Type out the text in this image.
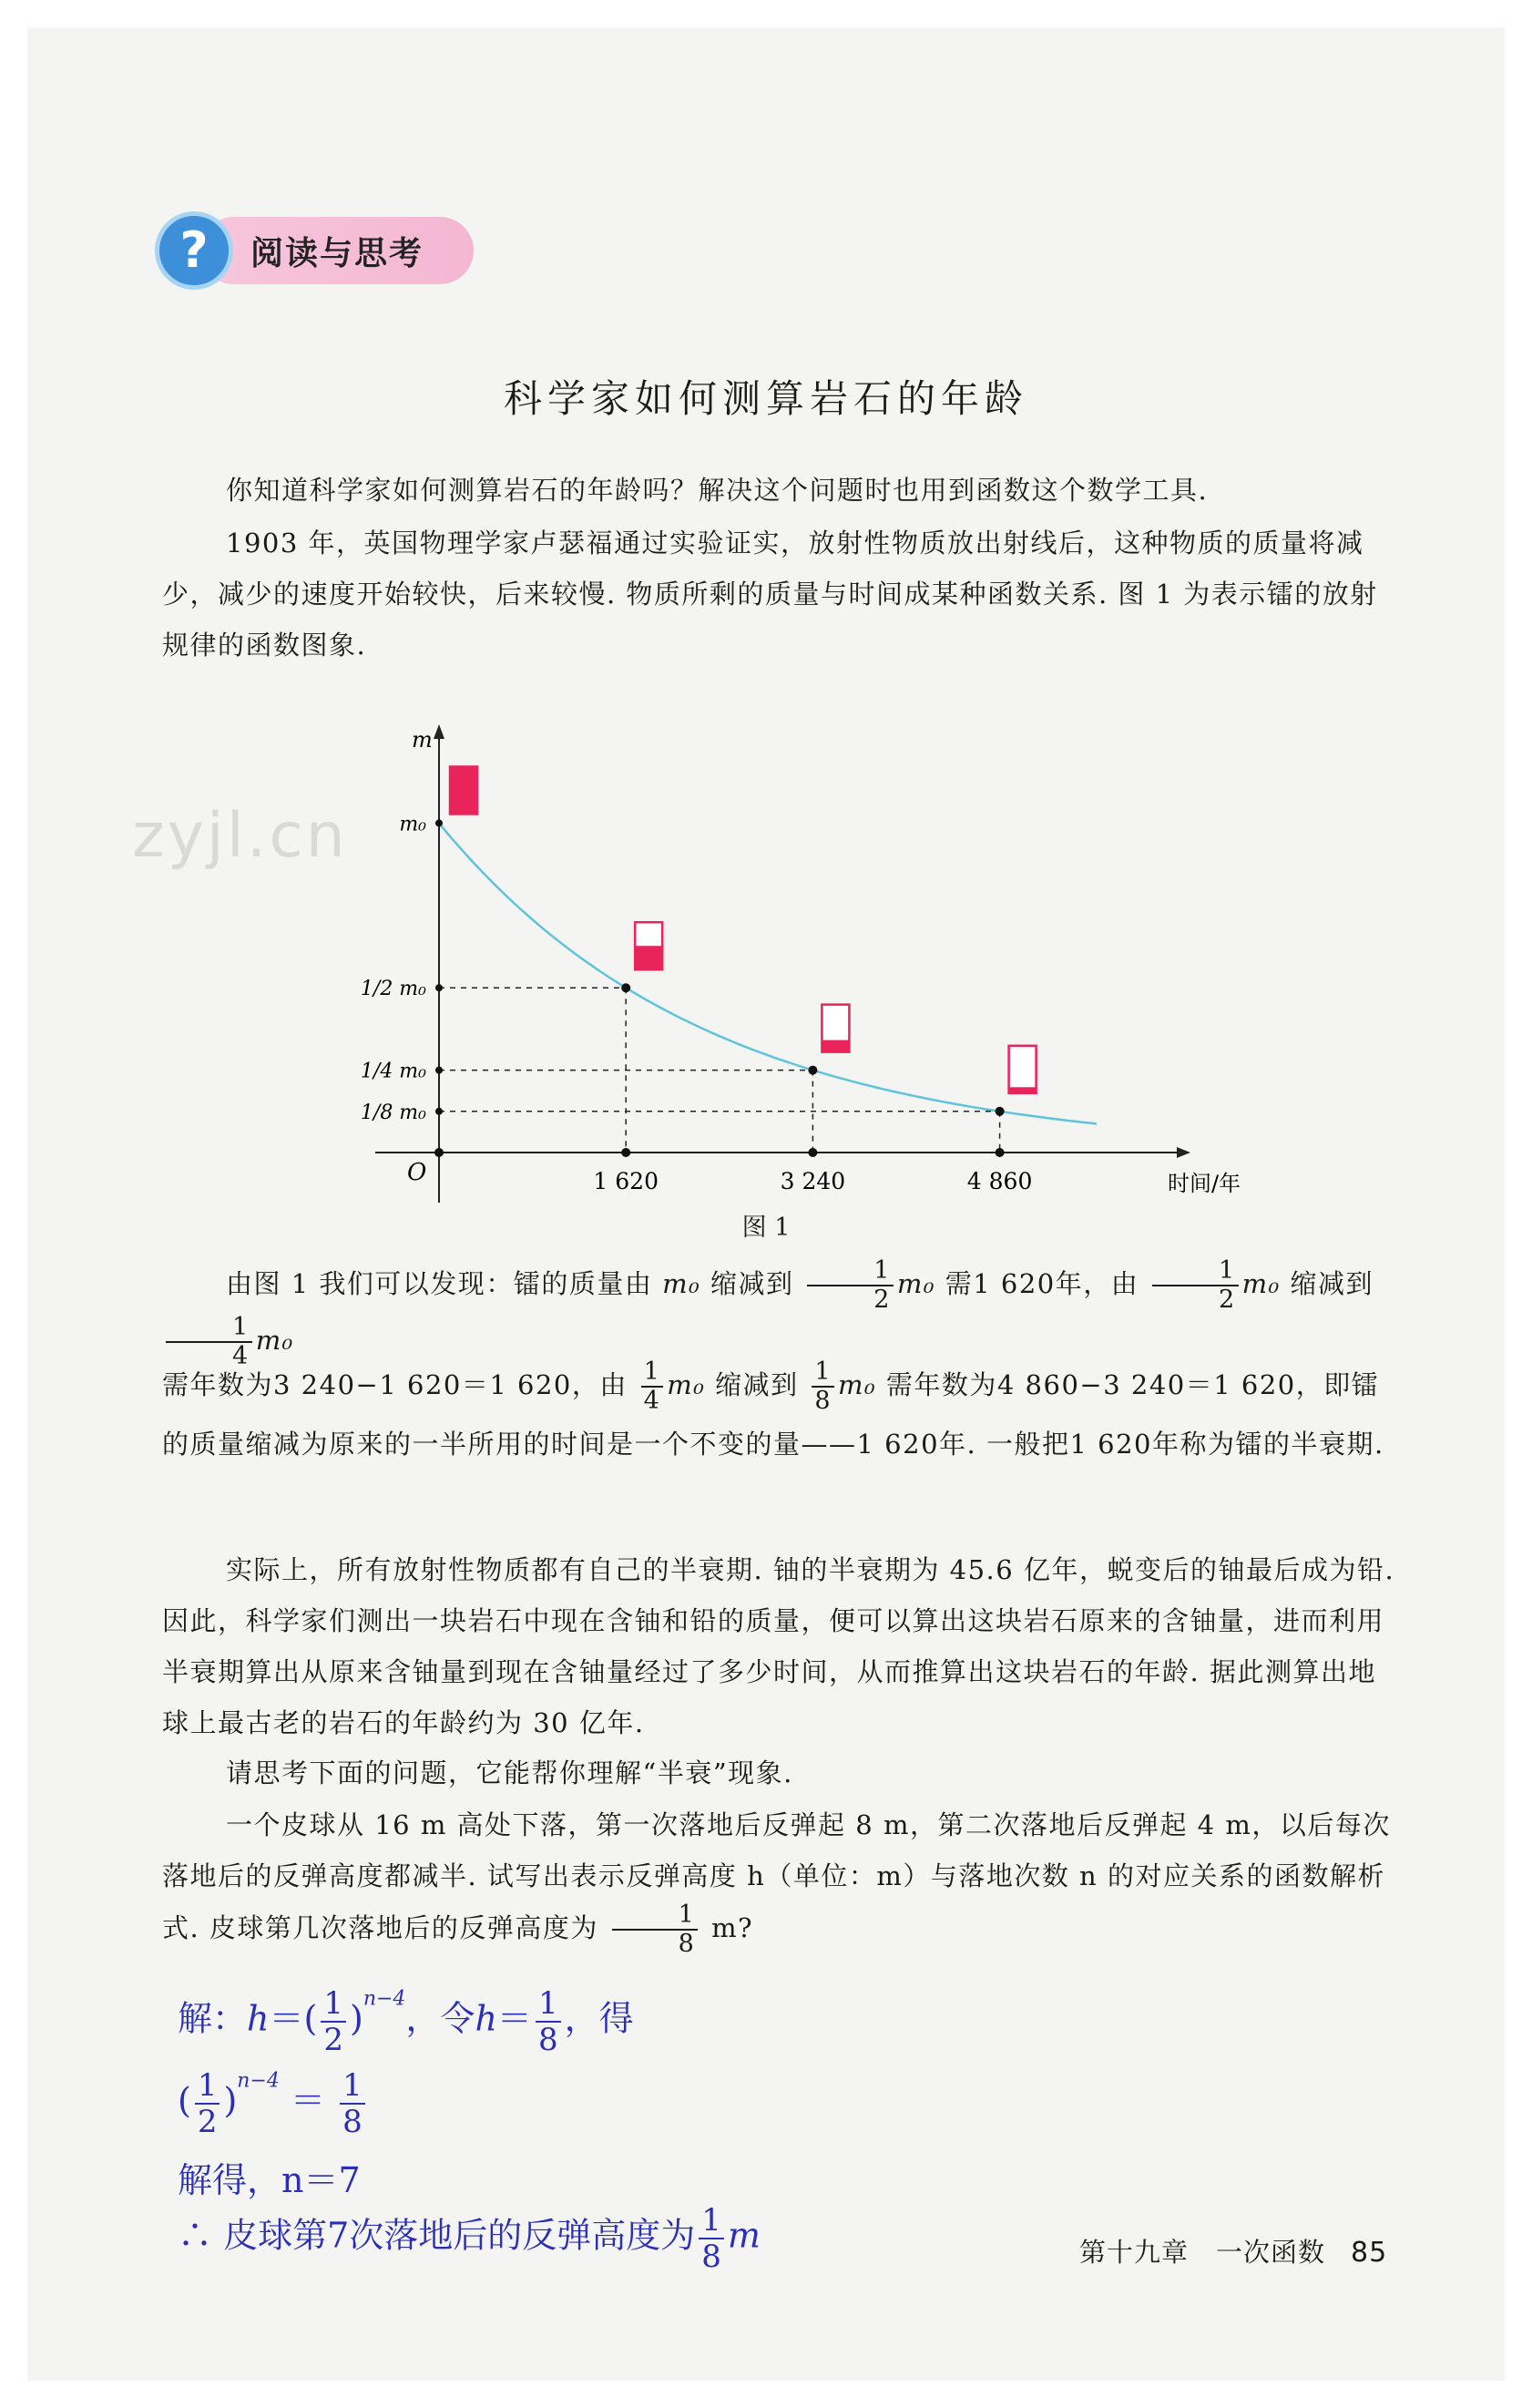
?	阅读与思考
科学家如何测算岩石的年龄

你知道科学家如何测算岩石的年龄吗？解决这个问题时也用到函数这个数学工具.

1903 年，英国物理学家卢瑟福通过实验证实，放射性物质放出射线后，这种物质的质量将减少，减少的速度开始较快，后来较慢. 物质所剩的质量与时间成某种函数关系. 图 1 为表示镭的放射规律的函数图象.

zyjl.cn
m
时间/年
O
m₀
1 620
1/2 m₀
3 240
1/4 m₀
4 860
1/8 m₀
图 1
由图 1 我们可以发现：镭的质量由 m₀ 缩减到 $\frac{1}{2} m_0$ 需1 620年，由 $\frac{1}{2} m_0$ 缩减到
$\frac{1}{4} m_0$
需年数为3 240−1 620＝1 620，由 $\frac{1}{4} m_0$ 缩减到 $\frac{1}{8} m_0$ 需年数为4 860−3 240＝1 620，即镭的质量缩减为原来的一半所用的时间是一个不变的量——1 620年. 一般把1 620年称为镭的半衰期.

实际上，所有放射性物质都有自己的半衰期. 铀的半衰期为 45.6 亿年，蜕变后的铀最后成为铅. 因此，科学家们测出一块岩石中现在含铀和铅的质量，便可以算出这块岩石原来的含铀量，进而利用半衰期算出从原来含铀量到现在含铀量经过了多少时间，从而推算出这块岩石的年龄. 据此测算出地球上最古老的岩石的年龄约为 30 亿年.

请思考下面的问题，它能帮你理解“半衰”现象.

一个皮球从 16 m 高处下落，第一次落地后反弹起 8 m，第二次落地后反弹起 4 m，以后每次落地后的反弹高度都减半. 试写出表示反弹高度 h（单位：m）与落地次数 n 的对应关系的函数解析式. 皮球第几次落地后的反弹高度为 $\frac{1}{8} m$?
解：$h=( \frac{1}{2} )^{n-4}$，令$h= \frac{1}{8}$ ，得
( $\frac{1}{2} )^{n-4} = \frac{1}{8}$
解得，n＝7
∴ 皮球第7次落地后的反弹高度为 $\frac{1}{8}$ m	第十九章　一次函数 85
